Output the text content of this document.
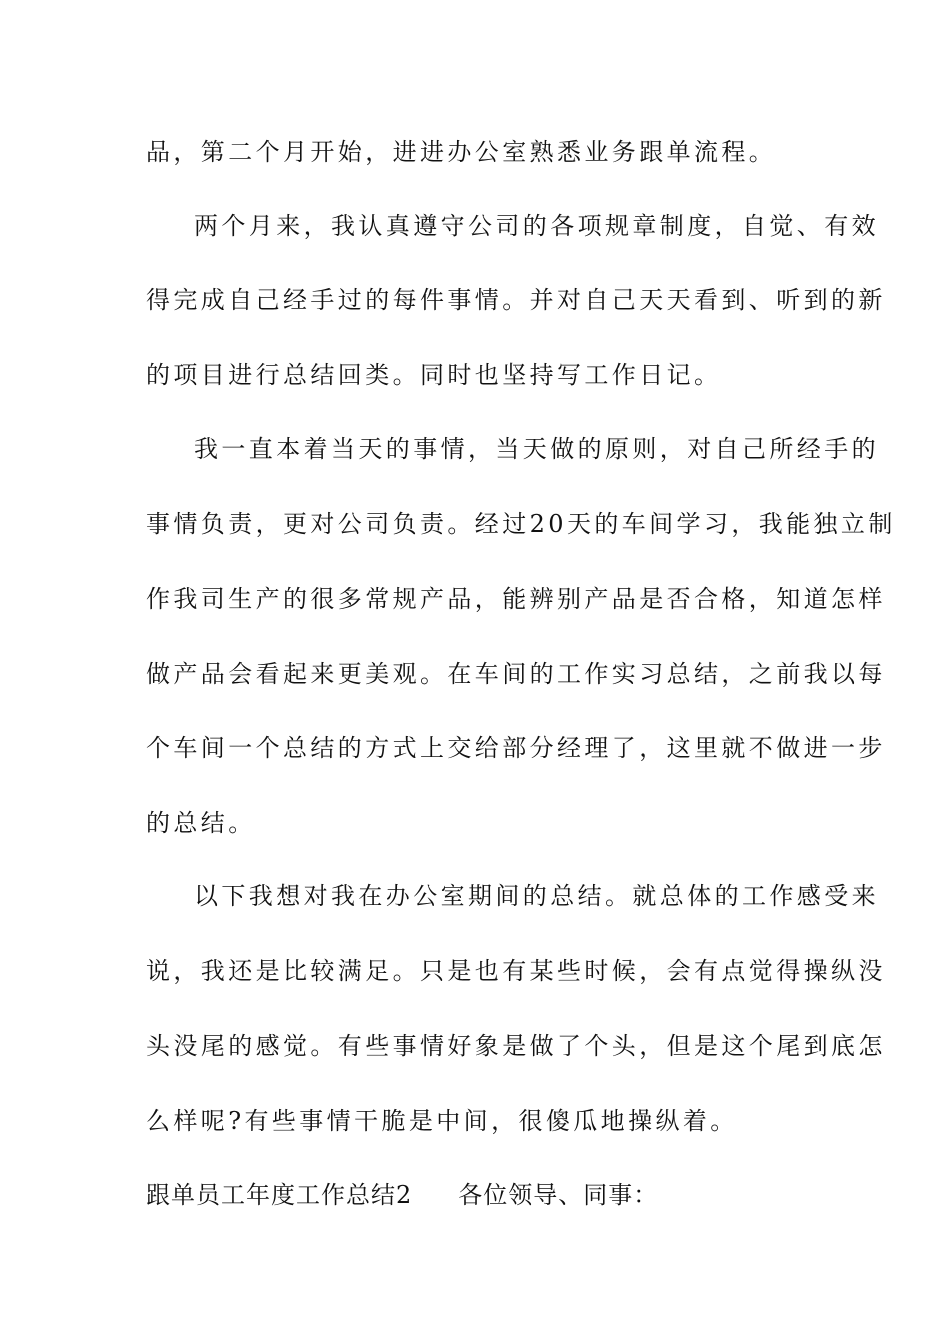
品，第二个月开始，进进办公室熟悉业务跟单流程。
两个月来，我认真遵守公司的各项规章制度，自觉、有效
得完成自己经手过的每件事情。并对自己天天看到、听到的新
的项目进行总结回类。同时也坚持写工作日记。
我一直本着当天的事情，当天做的原则，对自己所经手的
事情负责，更对公司负责。经过20天的车间学习，我能独立制
作我司生产的很多常规产品，能辨别产品是否合格，知道怎样
做产品会看起来更美观。在车间的工作实习总结，之前我以每
个车间一个总结的方式上交给部分经理了，这里就不做进一步
的总结。
以下我想对我在办公室期间的总结。就总体的工作感受来
说，我还是比较满足。只是也有某些时候，会有点觉得操纵没
头没尾的感觉。有些事情好象是做了个头，但是这个尾到底怎
么样呢?有些事情干脆是中间，很傻瓜地操纵着。
跟单员工年度工作总结2 各位领导、同事：
